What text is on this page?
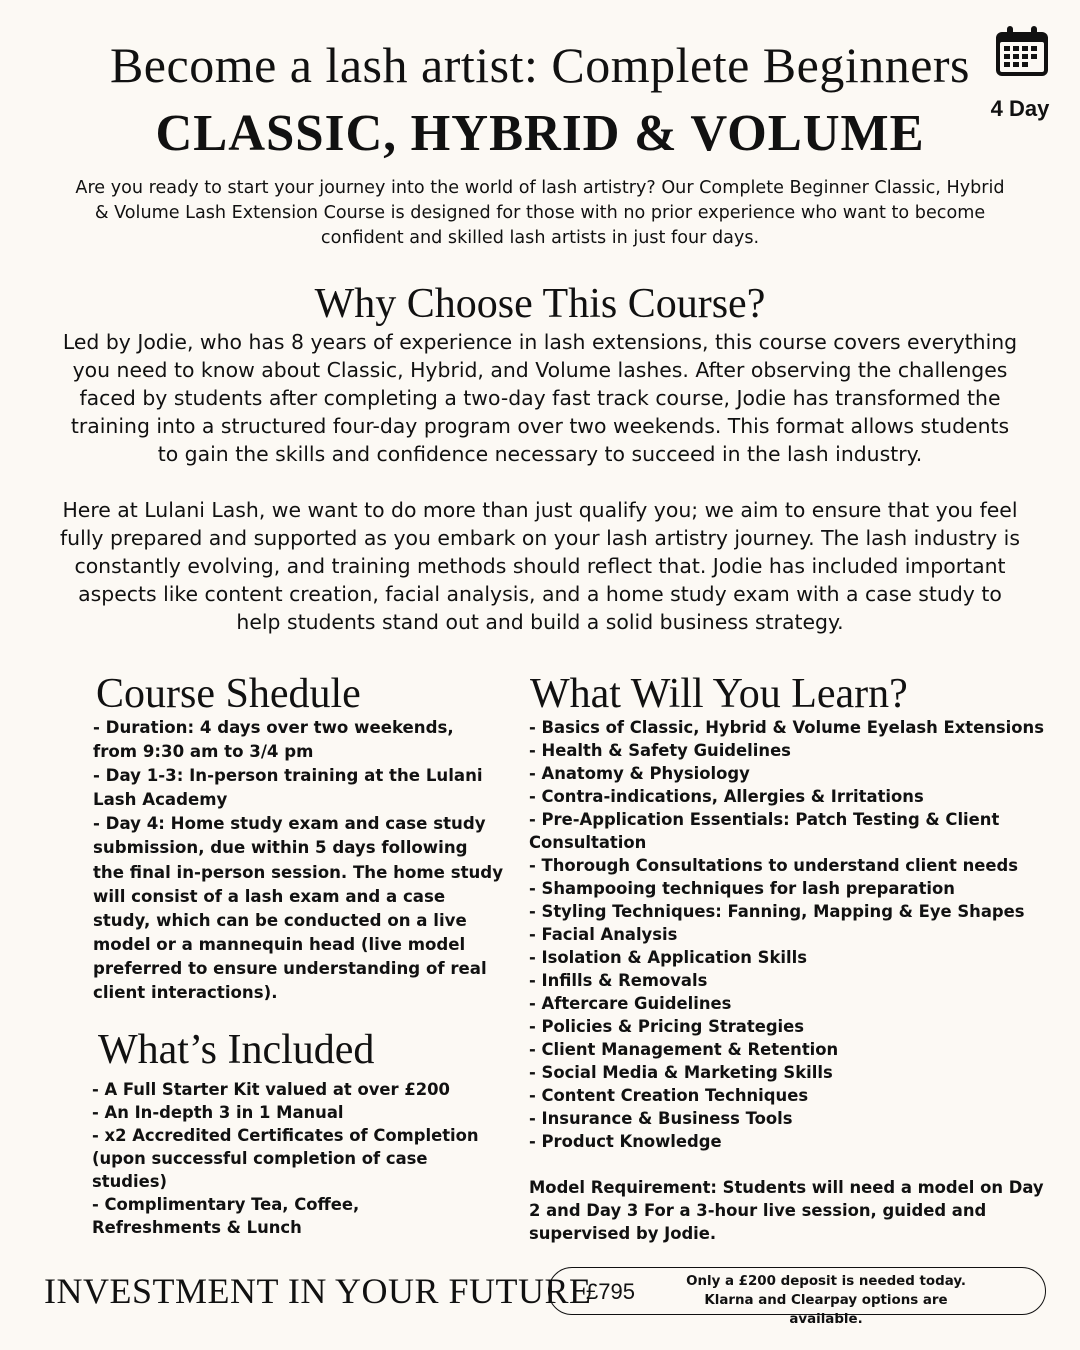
Become a lash artist: Complete Beginners
CLASSIC, HYBRID & VOLUME	4 Day
Are you ready to start your journey into the world of lash artistry? Our Complete Beginner Classic, Hybrid & Volume Lash Extension Course is designed for those with no prior experience who want to become confident and skilled lash artists in just four days.
Why Choose This Course?
Led by Jodie, who has 8 years of experience in lash extensions, this course covers everything you need to know about Classic, Hybrid, and Volume lashes. After observing the challenges faced by students after completing a two-day fast track course, Jodie has transformed the training into a structured four-day program over two weekends. This format allows students to gain the skills and confidence necessary to succeed in the lash industry.
Here at Lulani Lash, we want to do more than just qualify you; we aim to ensure that you feel fully prepared and supported as you embark on your lash artistry journey. The lash industry is constantly evolving, and training methods should reflect that. Jodie has included important aspects like content creation, facial analysis, and a home study exam with a case study to help students stand out and build a solid business strategy.
Course Shedule
- Duration: 4 days over two weekends, from 9:30 am to 3/4 pm
- Day 1-3: In-person training at the Lulani Lash Academy
- Day 4: Home study exam and case study submission, due within 5 days following the final in-person session. The home study will consist of a lash exam and a case study, which can be conducted on a live model or a mannequin head (live model preferred to ensure understanding of real client interactions).
What’s Included
- A Full Starter Kit valued at over £200
- An In-depth 3 in 1 Manual
- x2 Accredited Certificates of Completion (upon successful completion of case studies)
- Complimentary Tea, Coffee, Refreshments & Lunch
What Will You Learn?
- Basics of Classic, Hybrid & Volume Eyelash Extensions
- Health & Safety Guidelines
- Anatomy & Physiology
- Contra-indications, Allergies & Irritations
- Pre-Application Essentials: Patch Testing & Client Consultation
- Thorough Consultations to understand client needs
- Shampooing techniques for lash preparation
- Styling Techniques: Fanning, Mapping & Eye Shapes
- Facial Analysis
- Isolation & Application Skills
- Infills & Removals
- Aftercare Guidelines
- Policies & Pricing Strategies
- Client Management & Retention
- Social Media & Marketing Skills
- Content Creation Techniques
- Insurance & Business Tools
- Product Knowledge
Model Requirement: Students will need a model on Day 2 and Day 3 For a 3-hour live session, guided and supervised by Jodie.
INVESTMENT IN YOUR FUTURE
£795	Only a £200 deposit is needed today.
Klarna and Clearpay options are available.
